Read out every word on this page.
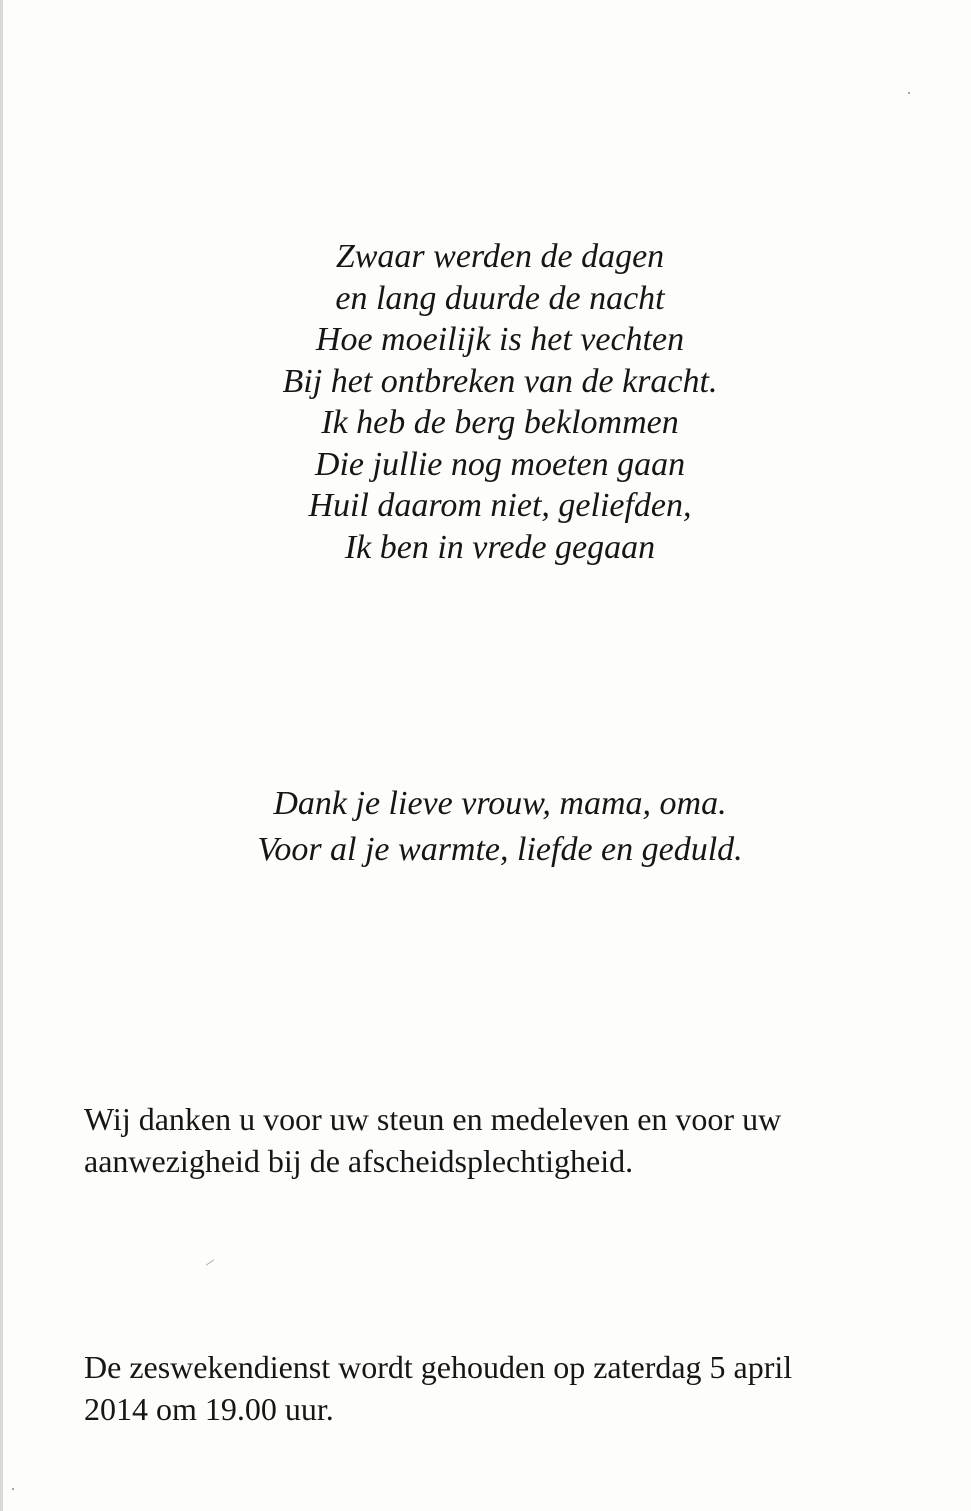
Zwaar werden de dagen
en lang duurde de nacht
Hoe moeilijk is het vechten
Bij het ontbreken van de kracht.
Ik heb de berg beklommen
Die jullie nog moeten gaan
Huil daarom niet, geliefden,
Ik ben in vrede gegaan
Dank je lieve vrouw, mama, oma.
Voor al je warmte, liefde en geduld.
Wij danken u voor uw steun en medeleven en voor uw
aanwezigheid bij de afscheidsplechtigheid.
De zeswekendienst wordt gehouden op zaterdag 5 april
2014 om 19.00 uur.
